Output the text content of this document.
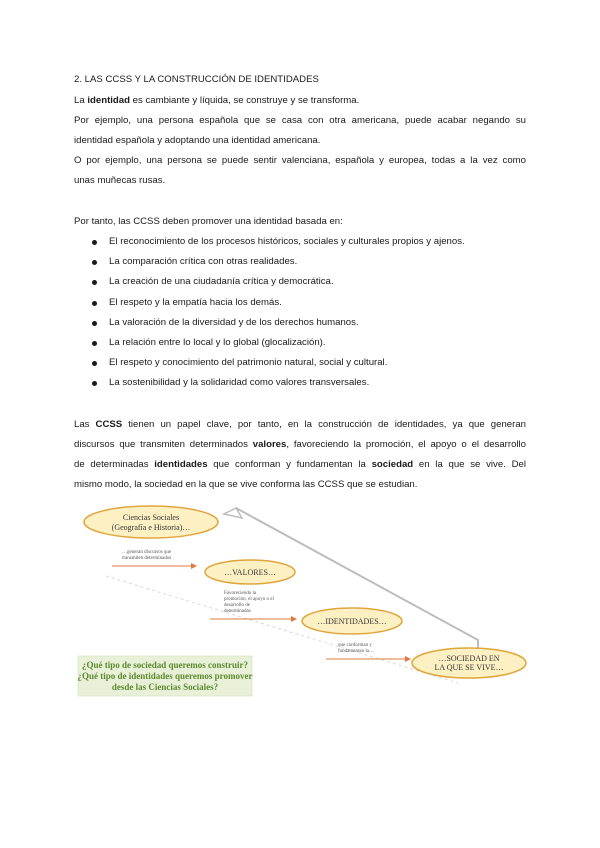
2. LAS CCSS Y LA CONSTRUCCIÓN DE IDENTIDADES
La identidad es cambiante y líquida, se construye y se transforma.
Por ejemplo, una persona española que se casa con otra americana, puede acabar negando su
identidad española y adoptando una identidad americana.
O por ejemplo, una persona se puede sentir valenciana, española y europea, todas a la vez como
unas muñecas rusas.
Por tanto, las CCSS deben promover una identidad basada en:
El reconocimiento de los procesos históricos, sociales y culturales propios y ajenos.
La comparación crítica con otras realidades.
La creación de una ciudadanía crítica y democrática.
El respeto y la empatía hacia los demás.
La valoración de la diversidad y de los derechos humanos.
La relación entre lo local y lo global (glocalización).
El respeto y conocimiento del patrimonio natural, social y cultural.
La sostenibilidad y la solidaridad como valores transversales.
Las CCSS tienen un papel clave, por tanto, en la construcción de identidades, ya que generan
discursos que transmiten determinados valores, favoreciendo la promoción, el apoyo o el desarrollo
de determinadas identidades que conforman y fundamentan la sociedad en la que se vive. Del
mismo modo, la sociedad en la que se vive conforma las CCSS que se estudian.
Ciencias Sociales
(Geografía e Historia)…
…generan discursos que
transmiten determinados
…VALORES…
Favoreciendo la
promoción, el apoyo o el
desarrollo de
determinadas
…IDENTIDADES…
que conforman y
fundamentan la…
…SOCIEDAD EN
LA QUE SE VIVE…
¿Qué tipo de sociedad queremos construir?
¿Qué tipo de identidades queremos promover
desde las Ciencias Sociales?
